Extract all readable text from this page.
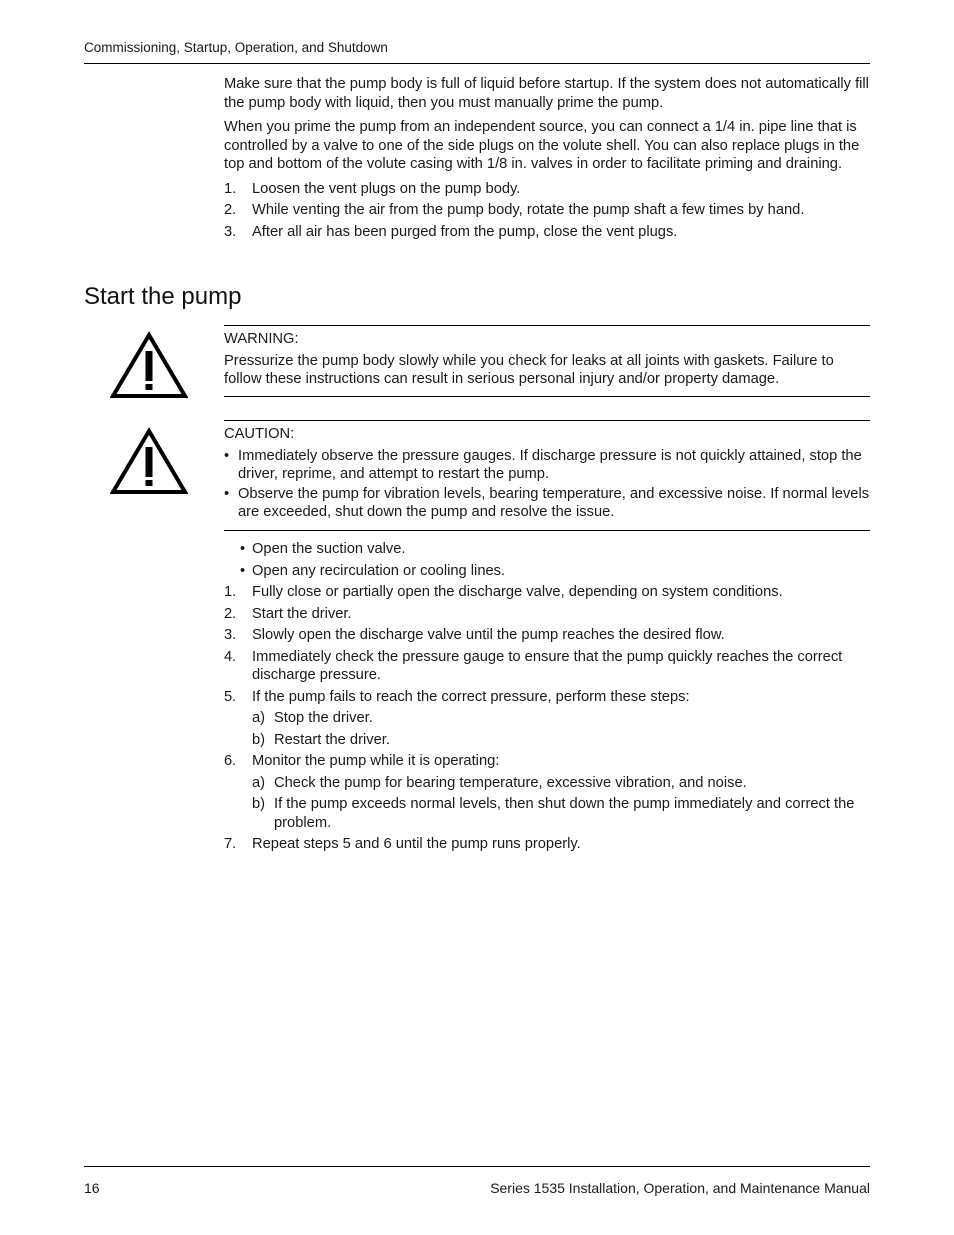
Commissioning, Startup, Operation, and Shutdown

Make sure that the pump body is full of liquid before startup. If the system does not automatically fill the pump body with liquid, then you must manually prime the pump.

When you prime the pump from an independent source, you can connect a 1/4 in. pipe line that is controlled by a valve to one of the side plugs on the volute shell. You can also replace plugs in the top and bottom of the volute casing with 1/8 in. valves in order to facilitate priming and draining.

1. Loosen the vent plugs on the pump body.
2. While venting the air from the pump body, rotate the pump shaft a few times by hand.
3. After all air has been purged from the pump, close the vent plugs.
Start the pump
WARNING:
Pressurize the pump body slowly while you check for leaks at all joints with gaskets. Failure to follow these instructions can result in serious personal injury and/or property damage.
CAUTION:
• Immediately observe the pressure gauges. If discharge pressure is not quickly attained, stop the driver, reprime, and attempt to restart the pump.
• Observe the pump for vibration levels, bearing temperature, and excessive noise. If normal levels are exceeded, shut down the pump and resolve the issue.
• Open the suction valve.
• Open any recirculation or cooling lines.
1. Fully close or partially open the discharge valve, depending on system conditions.
2. Start the driver.
3. Slowly open the discharge valve until the pump reaches the desired flow.
4. Immediately check the pressure gauge to ensure that the pump quickly reaches the correct discharge pressure.
5. If the pump fails to reach the correct pressure, perform these steps:
a) Stop the driver.
b) Restart the driver.
6. Monitor the pump while it is operating:
a) Check the pump for bearing temperature, excessive vibration, and noise.
b) If the pump exceeds normal levels, then shut down the pump immediately and correct the problem.
7. Repeat steps 5 and 6 until the pump runs properly.
16	Series 1535 Installation, Operation, and Maintenance Manual
